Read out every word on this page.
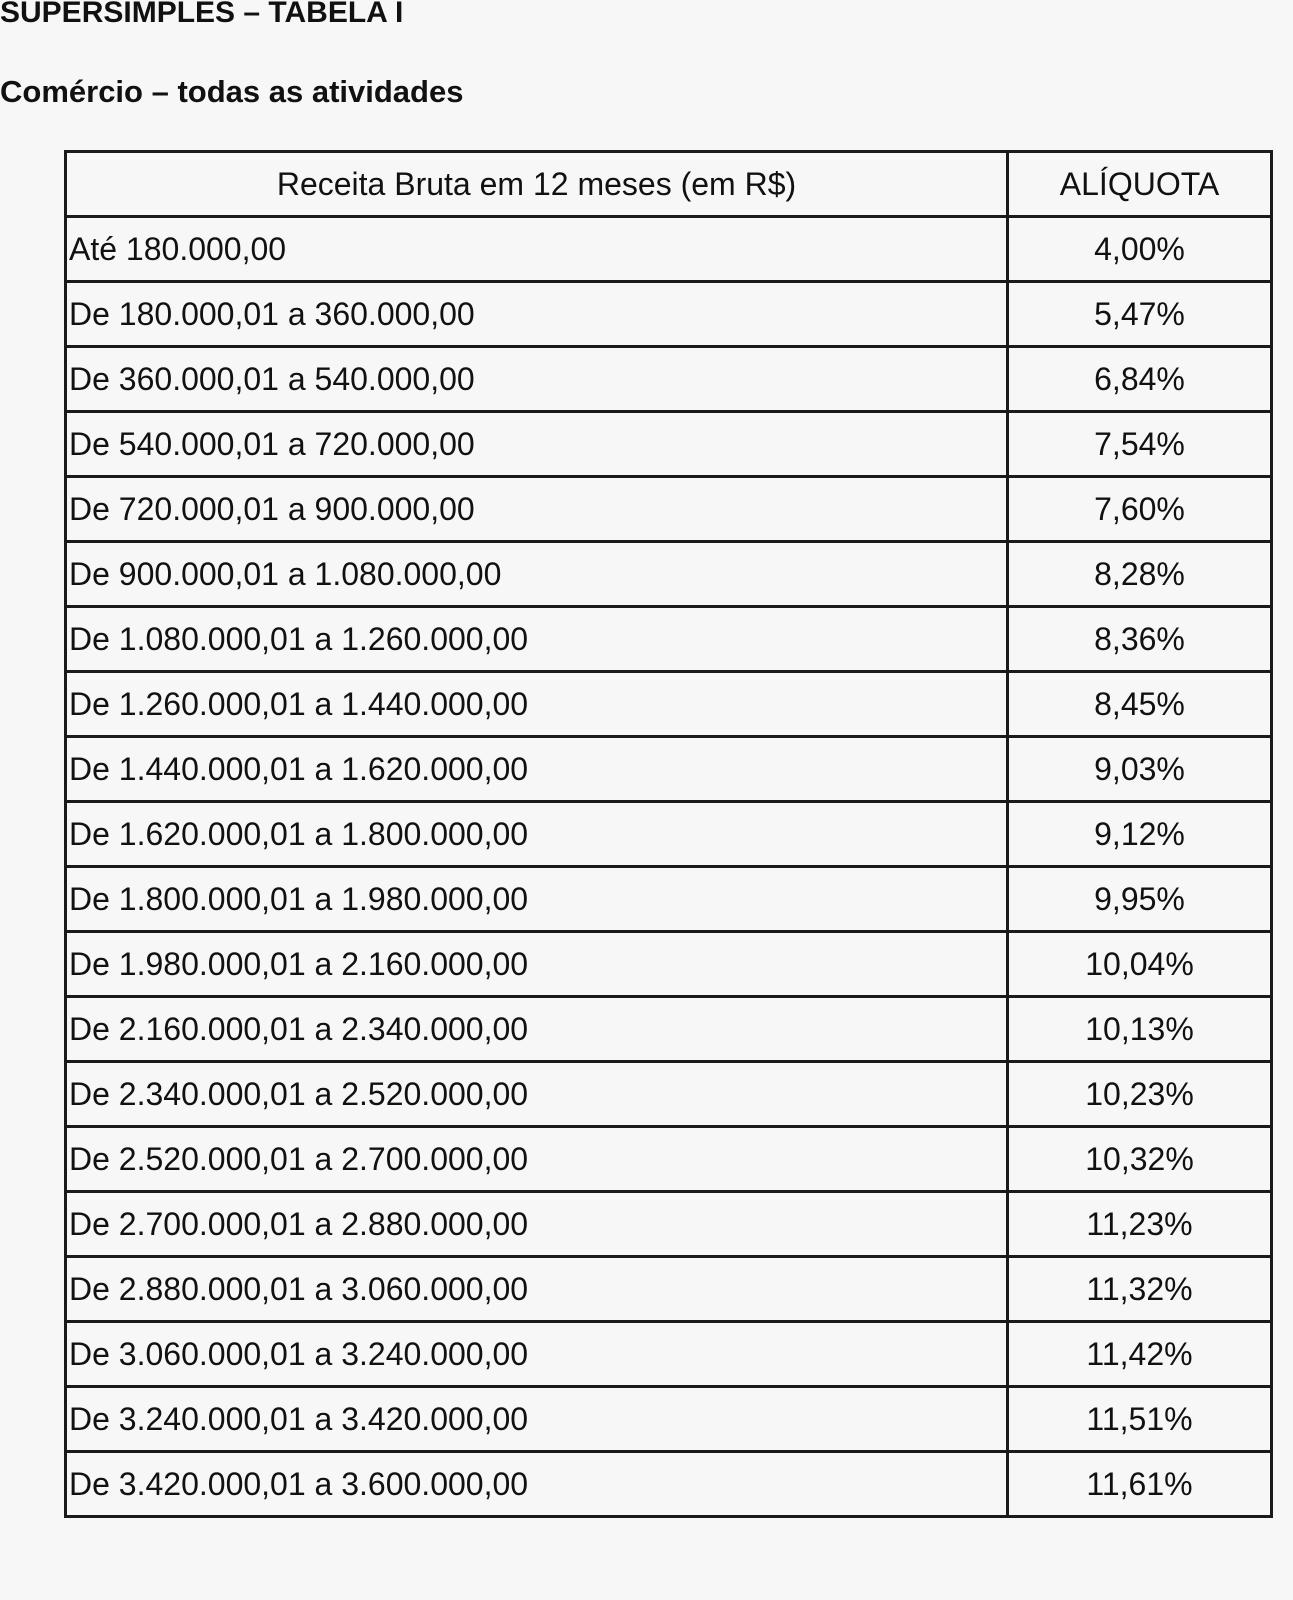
SUPERSIMPLES – TABELA I
Comércio – todas as atividades
Receita Bruta em 12 meses (em R$)	ALÍQUOTA
Até 180.000,00	4,00%
De 180.000,01 a 360.000,00	5,47%
De 360.000,01 a 540.000,00	6,84%
De 540.000,01 a 720.000,00	7,54%
De 720.000,01 a 900.000,00	7,60%
De 900.000,01 a 1.080.000,00	8,28%
De 1.080.000,01 a 1.260.000,00	8,36%
De 1.260.000,01 a 1.440.000,00	8,45%
De 1.440.000,01 a 1.620.000,00	9,03%
De 1.620.000,01 a 1.800.000,00	9,12%
De 1.800.000,01 a 1.980.000,00	9,95%
De 1.980.000,01 a 2.160.000,00	10,04%
De 2.160.000,01 a 2.340.000,00	10,13%
De 2.340.000,01 a 2.520.000,00	10,23%
De 2.520.000,01 a 2.700.000,00	10,32%
De 2.700.000,01 a 2.880.000,00	11,23%
De 2.880.000,01 a 3.060.000,00	11,32%
De 3.060.000,01 a 3.240.000,00	11,42%
De 3.240.000,01 a 3.420.000,00	11,51%
De 3.420.000,01 a 3.600.000,00	11,61%
